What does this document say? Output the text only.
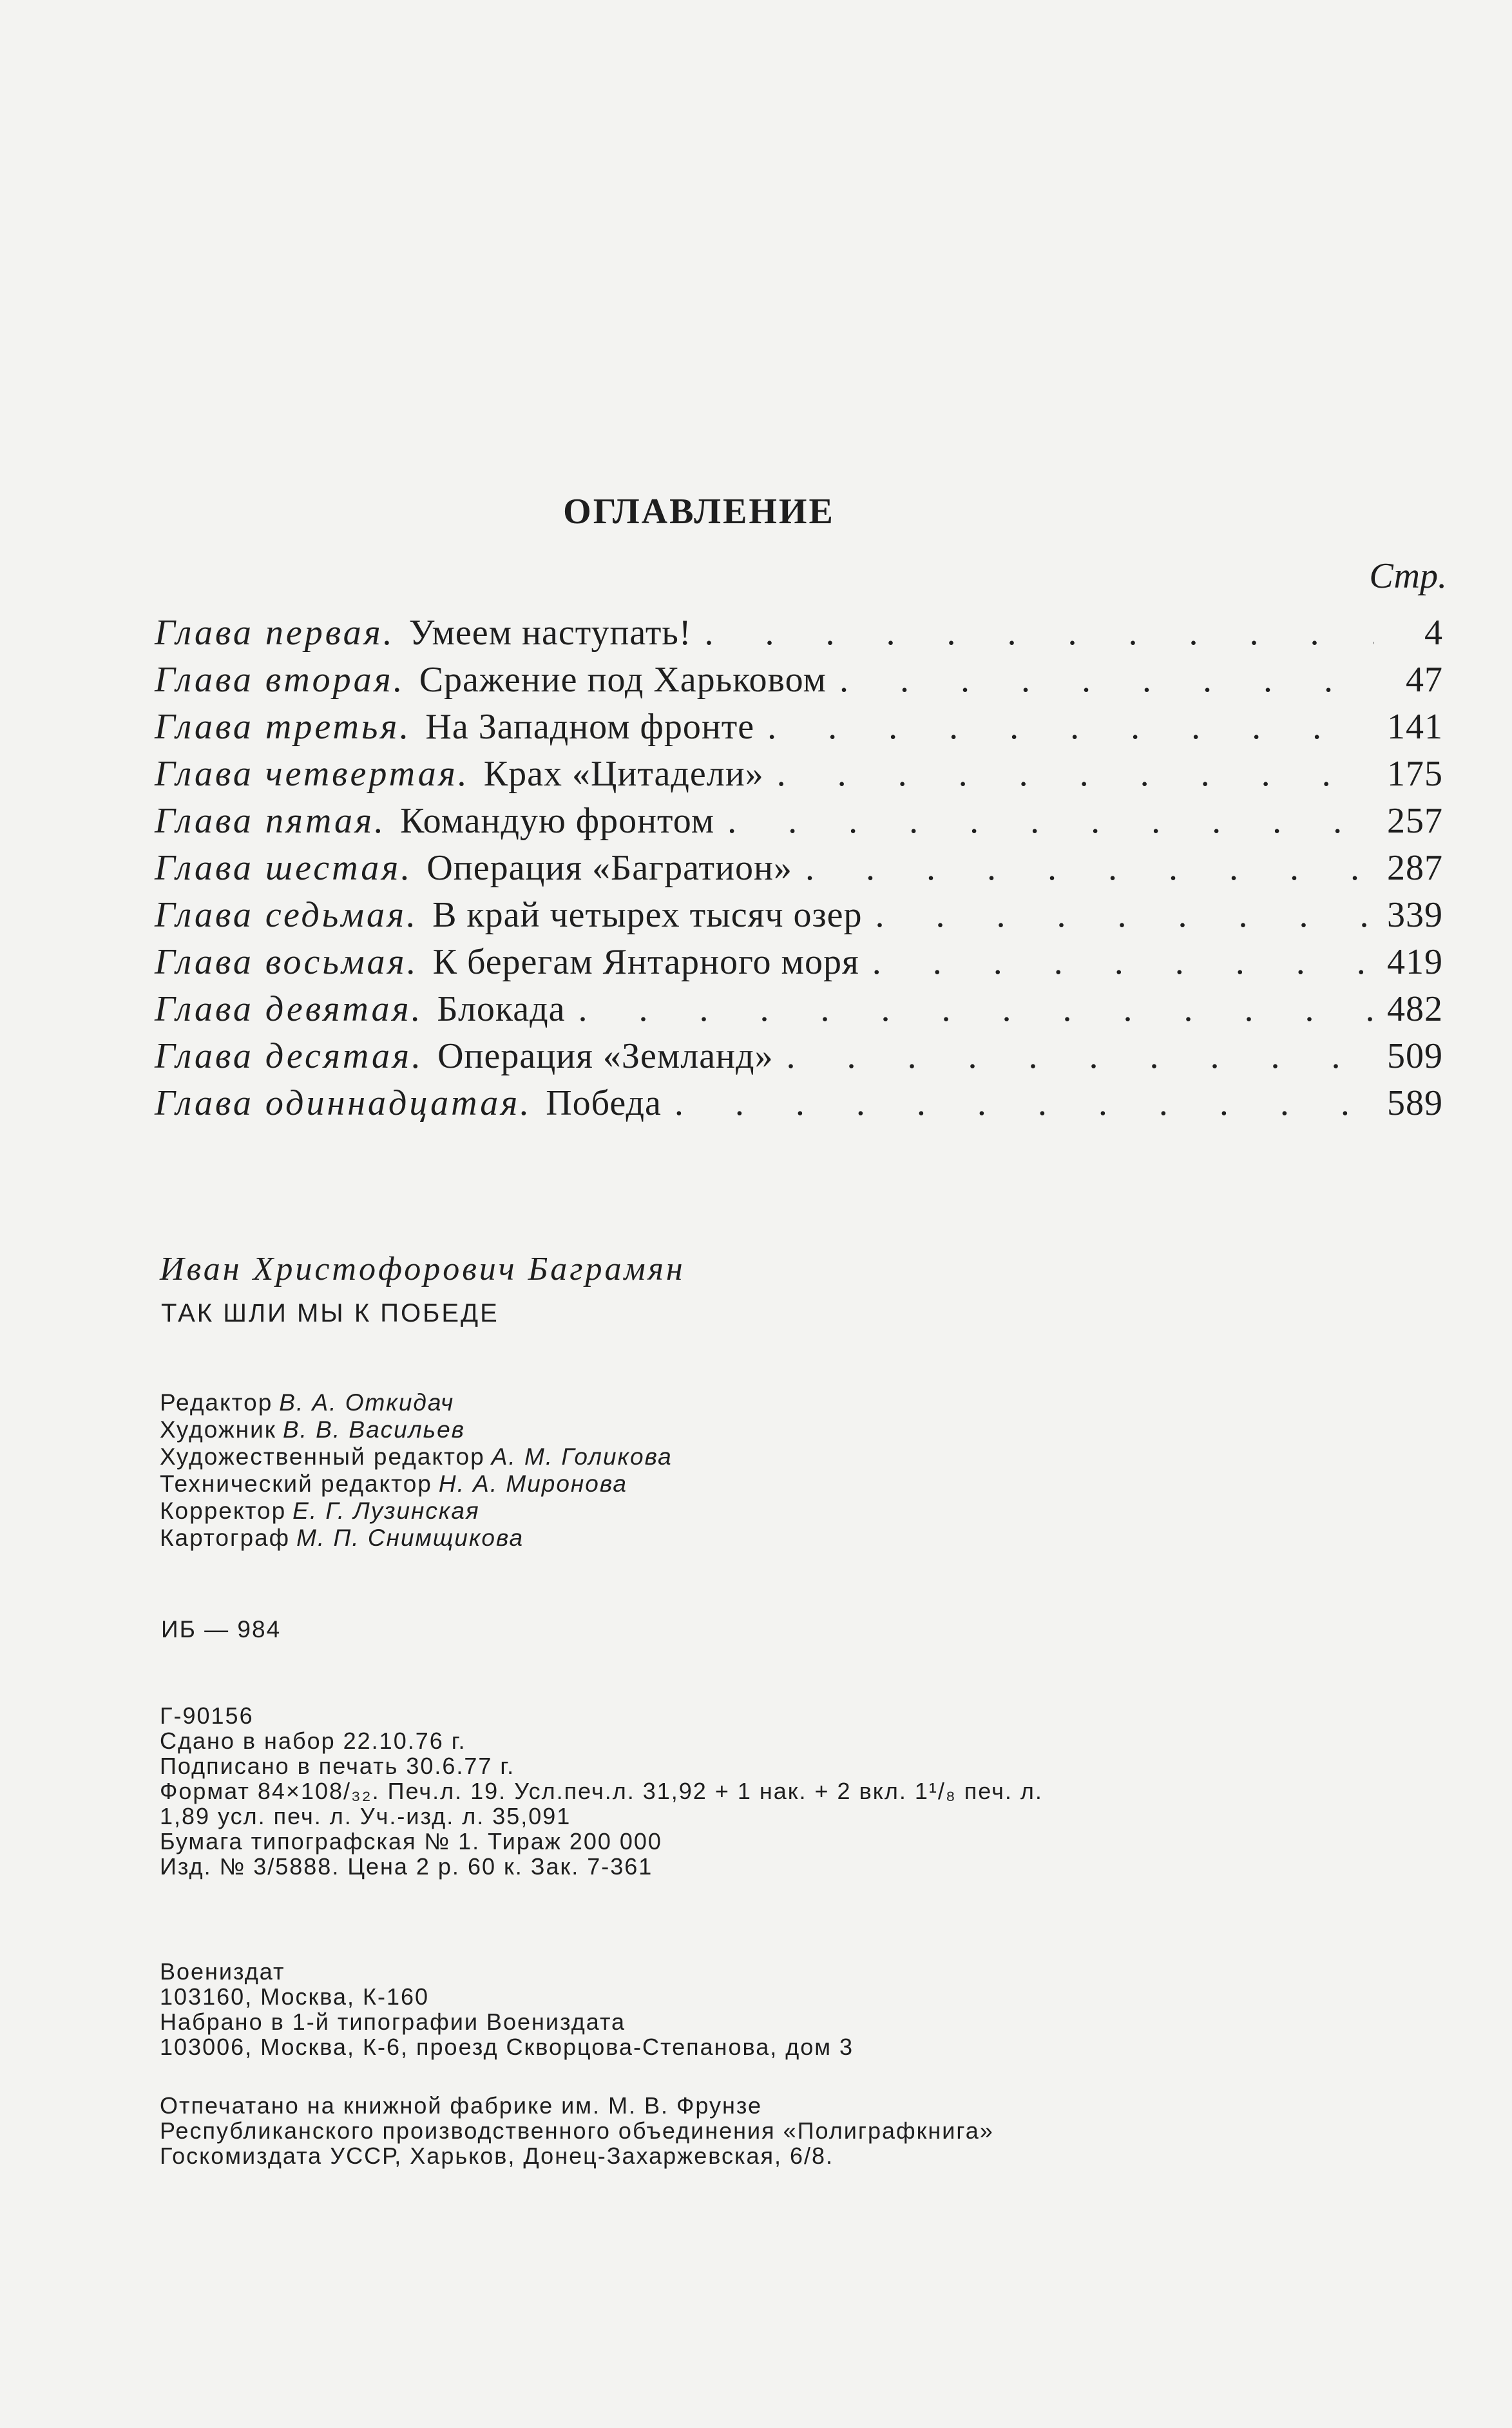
ОГЛАВЛЕНИЕ
Стр.
Глава первая. Умеем наступать! . . .	4
Глава вторая. Сражение под Харьковом . . .	47
Глава третья. На Западном фронте . . .	141
Глава четвертая. Крах «Цитадели» . . .	175
Глава пятая. Командую фронтом . . .	257
Глава шестая. Операция «Багратион» . . .	287
Глава седьмая. В край четырех тысяч озер . . .	339
Глава восьмая. К берегам Янтарного моря . . .	419
Глава девятая. Блокада . . .	482
Глава десятая. Операция «Земланд» . . .	509
Глава одиннадцатая. Победа . . .	589
Иван Христофорович Баграмян
ТАК ШЛИ МЫ К ПОБЕДЕ
Редактор В. А. Откидач
Художник В. В. Васильев
Художественный редактор А. М. Голикова
Технический редактор Н. А. Миронова
Корректор Е. Г. Лузинская
Картограф М. П. Снимщикова
ИБ — 984
Г-90156
Сдано в набор 22.10.76 г.
Подписано в печать 30.6.77 г.
Формат 84×108/₃₂. Печ.л. 19. Усл.печ.л. 31,92 + 1 нак. + 2 вкл. 1¹/₈ печ. л.
1,89 усл. печ. л. Уч.-изд. л. 35,091
Бумага типографская № 1. Тираж 200 000
Изд. № 3/5888. Цена 2 р. 60 к. Зак. 7-361
Воениздат
103160, Москва, К-160
Набрано в 1-й типографии Воениздата
103006, Москва, К-6, проезд Скворцова-Степанова, дом 3
Отпечатано на книжной фабрике им. М. В. Фрунзе
Республиканского производственного объединения «Полиграфкнига»
Госкомиздата УССР, Харьков, Донец-Захаржевская, 6/8.
